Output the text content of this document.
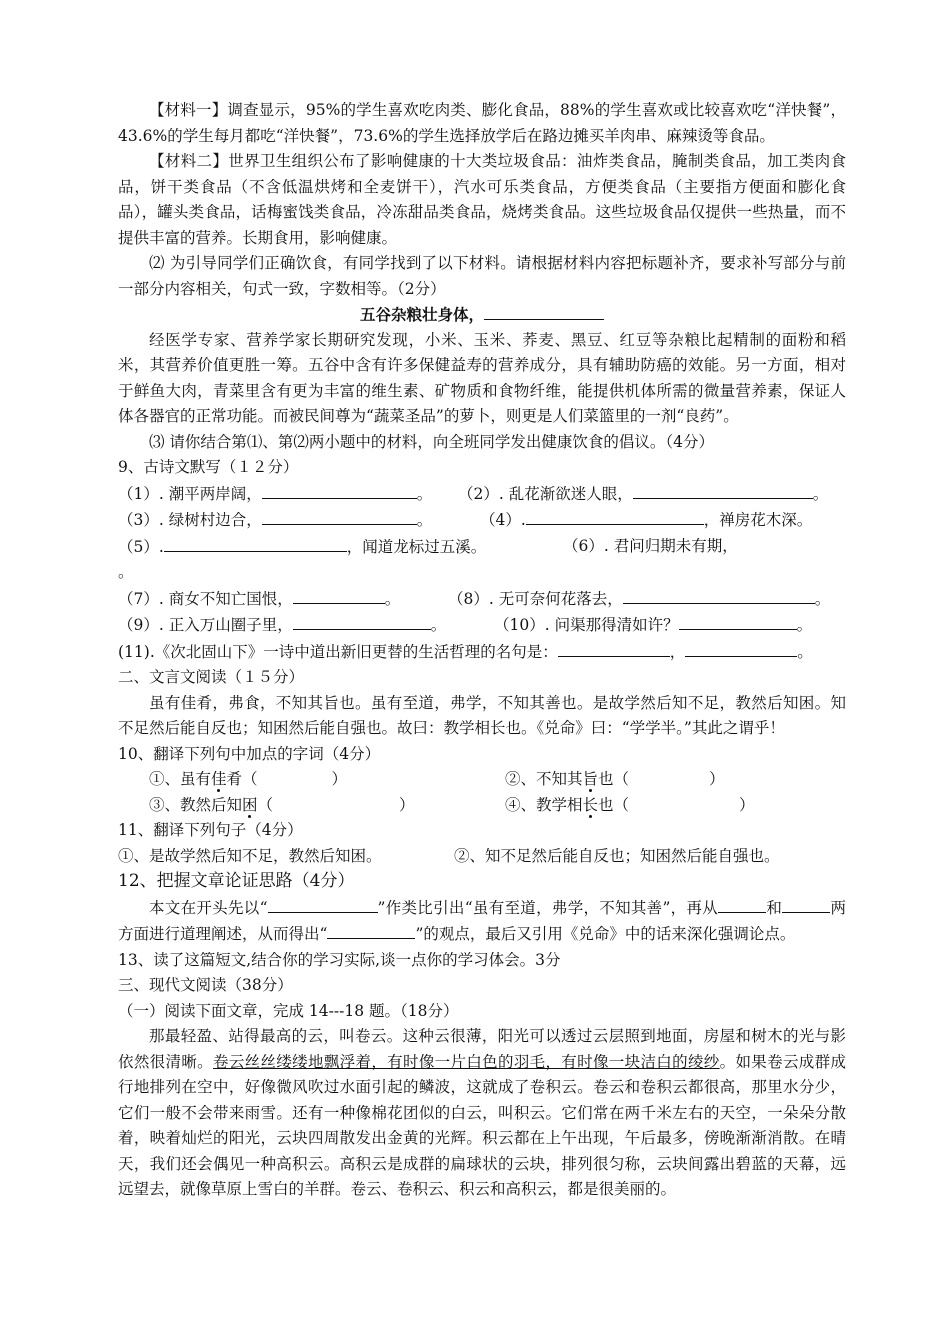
【材料一】调查显示，95%的学生喜欢吃肉类、膨化食品，88%的学生喜欢或比较喜欢吃“洋快餐”，43.6%的学生每月都吃“洋快餐”，73.6%的学生选择放学后在路边摊买羊肉串、麻辣烫等食品。

【材料二】世界卫生组织公布了影响健康的十大类垃圾食品：油炸类食品，腌制类食品，加工类肉食品，饼干类食品（不含低温烘烤和全麦饼干），汽水可乐类食品，方便类食品（主要指方便面和膨化食品），罐头类食品，话梅蜜饯类食品，冷冻甜品类食品，烧烤类食品。这些垃圾食品仅提供一些热量，而不提供丰富的营养。长期食用，影响健康。

⑵ 为引导同学们正确饮食，有同学找到了以下材料。请根据材料内容把标题补齐，要求补写部分与前一部分内容相关，句式一致，字数相等。（2分）

五谷杂粮壮身体，

经医学专家、营养学家长期研究发现，小米、玉米、荞麦、黑豆、红豆等杂粮比起精制的面粉和稻米，其营养价值更胜一筹。五谷中含有许多保健益寿的营养成分，具有辅助防癌的效能。另一方面，相对于鲜鱼大肉，青菜里含有更为丰富的维生素、矿物质和食物纤维，能提供机体所需的微量营养素，保证人体各器官的正常功能。而被民间尊为“蔬菜圣品”的萝卜，则更是人们菜篮里的一剂“良药”。

⑶ 请你结合第⑴、第⑵两小题中的材料，向全班同学发出健康饮食的倡议。（4分）

9、古诗文默写（１２分）

（1）. 潮平两岸阔，	。	（2）. 乱花渐欲迷人眼，	。
（3）. 绿树村边合，	。	（4）.	，禅房花木深。
（5）.	，闻道龙标过五溪。	（6）. 君问归期未有期，

。

（7）. 商女不知亡国恨，	。	（8）. 无可奈何花落去，	。
（9）. 正入万山圈子里，	。	（10）. 问渠那得清如许？	。

(11).《次北固山下》一诗中道出新旧更替的生活哲理的名句是：	，	。

二、文言文阅读（１５分）

虽有佳肴，弗食，不知其旨也。虽有至道，弗学，不知其善也。是故学然后知不足，教然后知困。知不足然后能自反也；知困然后能自强也。故曰：教学相长也。《兑命》曰：“学学半。”其此之谓乎！

10、翻译下列句中加点的字词（4分）

①、虽有佳肴（	）	②、不知其旨也（	）
③、教然后知困（	）	④、教学相长也（	）

11、翻译下列句子（4分）

①、是故学然后知不足，教然后知困。	②、知不足然后能自反也；知困然后能自强也。

12、把握文章论证思路（4分）

本文在开头先以“	”作类比引出“虽有至道，弗学，不知其善”，再从	和	两方面进行道理阐述，从而得出“	”的观点，最后又引用《兑命》中的话来深化强调论点。

13、读了这篇短文,结合你的学习实际,谈一点你的学习体会。3分

三、现代文阅读（38分）

（一）阅读下面文章，完成 14---18 题。（18分）

那最轻盈、站得最高的云，叫卷云。这种云很薄，阳光可以透过云层照到地面，房屋和树木的光与影依然很清晰。卷云丝丝缕缕地飘浮着，有时像一片白色的羽毛，有时像一块洁白的绫纱。如果卷云成群成行地排列在空中，好像微风吹过水面引起的鳞波，这就成了卷积云。卷云和卷积云都很高，那里水分少，它们一般不会带来雨雪。还有一种像棉花团似的白云，叫积云。它们常在两千米左右的天空，一朵朵分散着，映着灿烂的阳光，云块四周散发出金黄的光辉。积云都在上午出现，午后最多，傍晚渐渐消散。在晴天，我们还会偶见一种高积云。高积云是成群的扁球状的云块，排列很匀称，云块间露出碧蓝的天幕，远远望去，就像草原上雪白的羊群。卷云、卷积云、积云和高积云，都是很美丽的。
